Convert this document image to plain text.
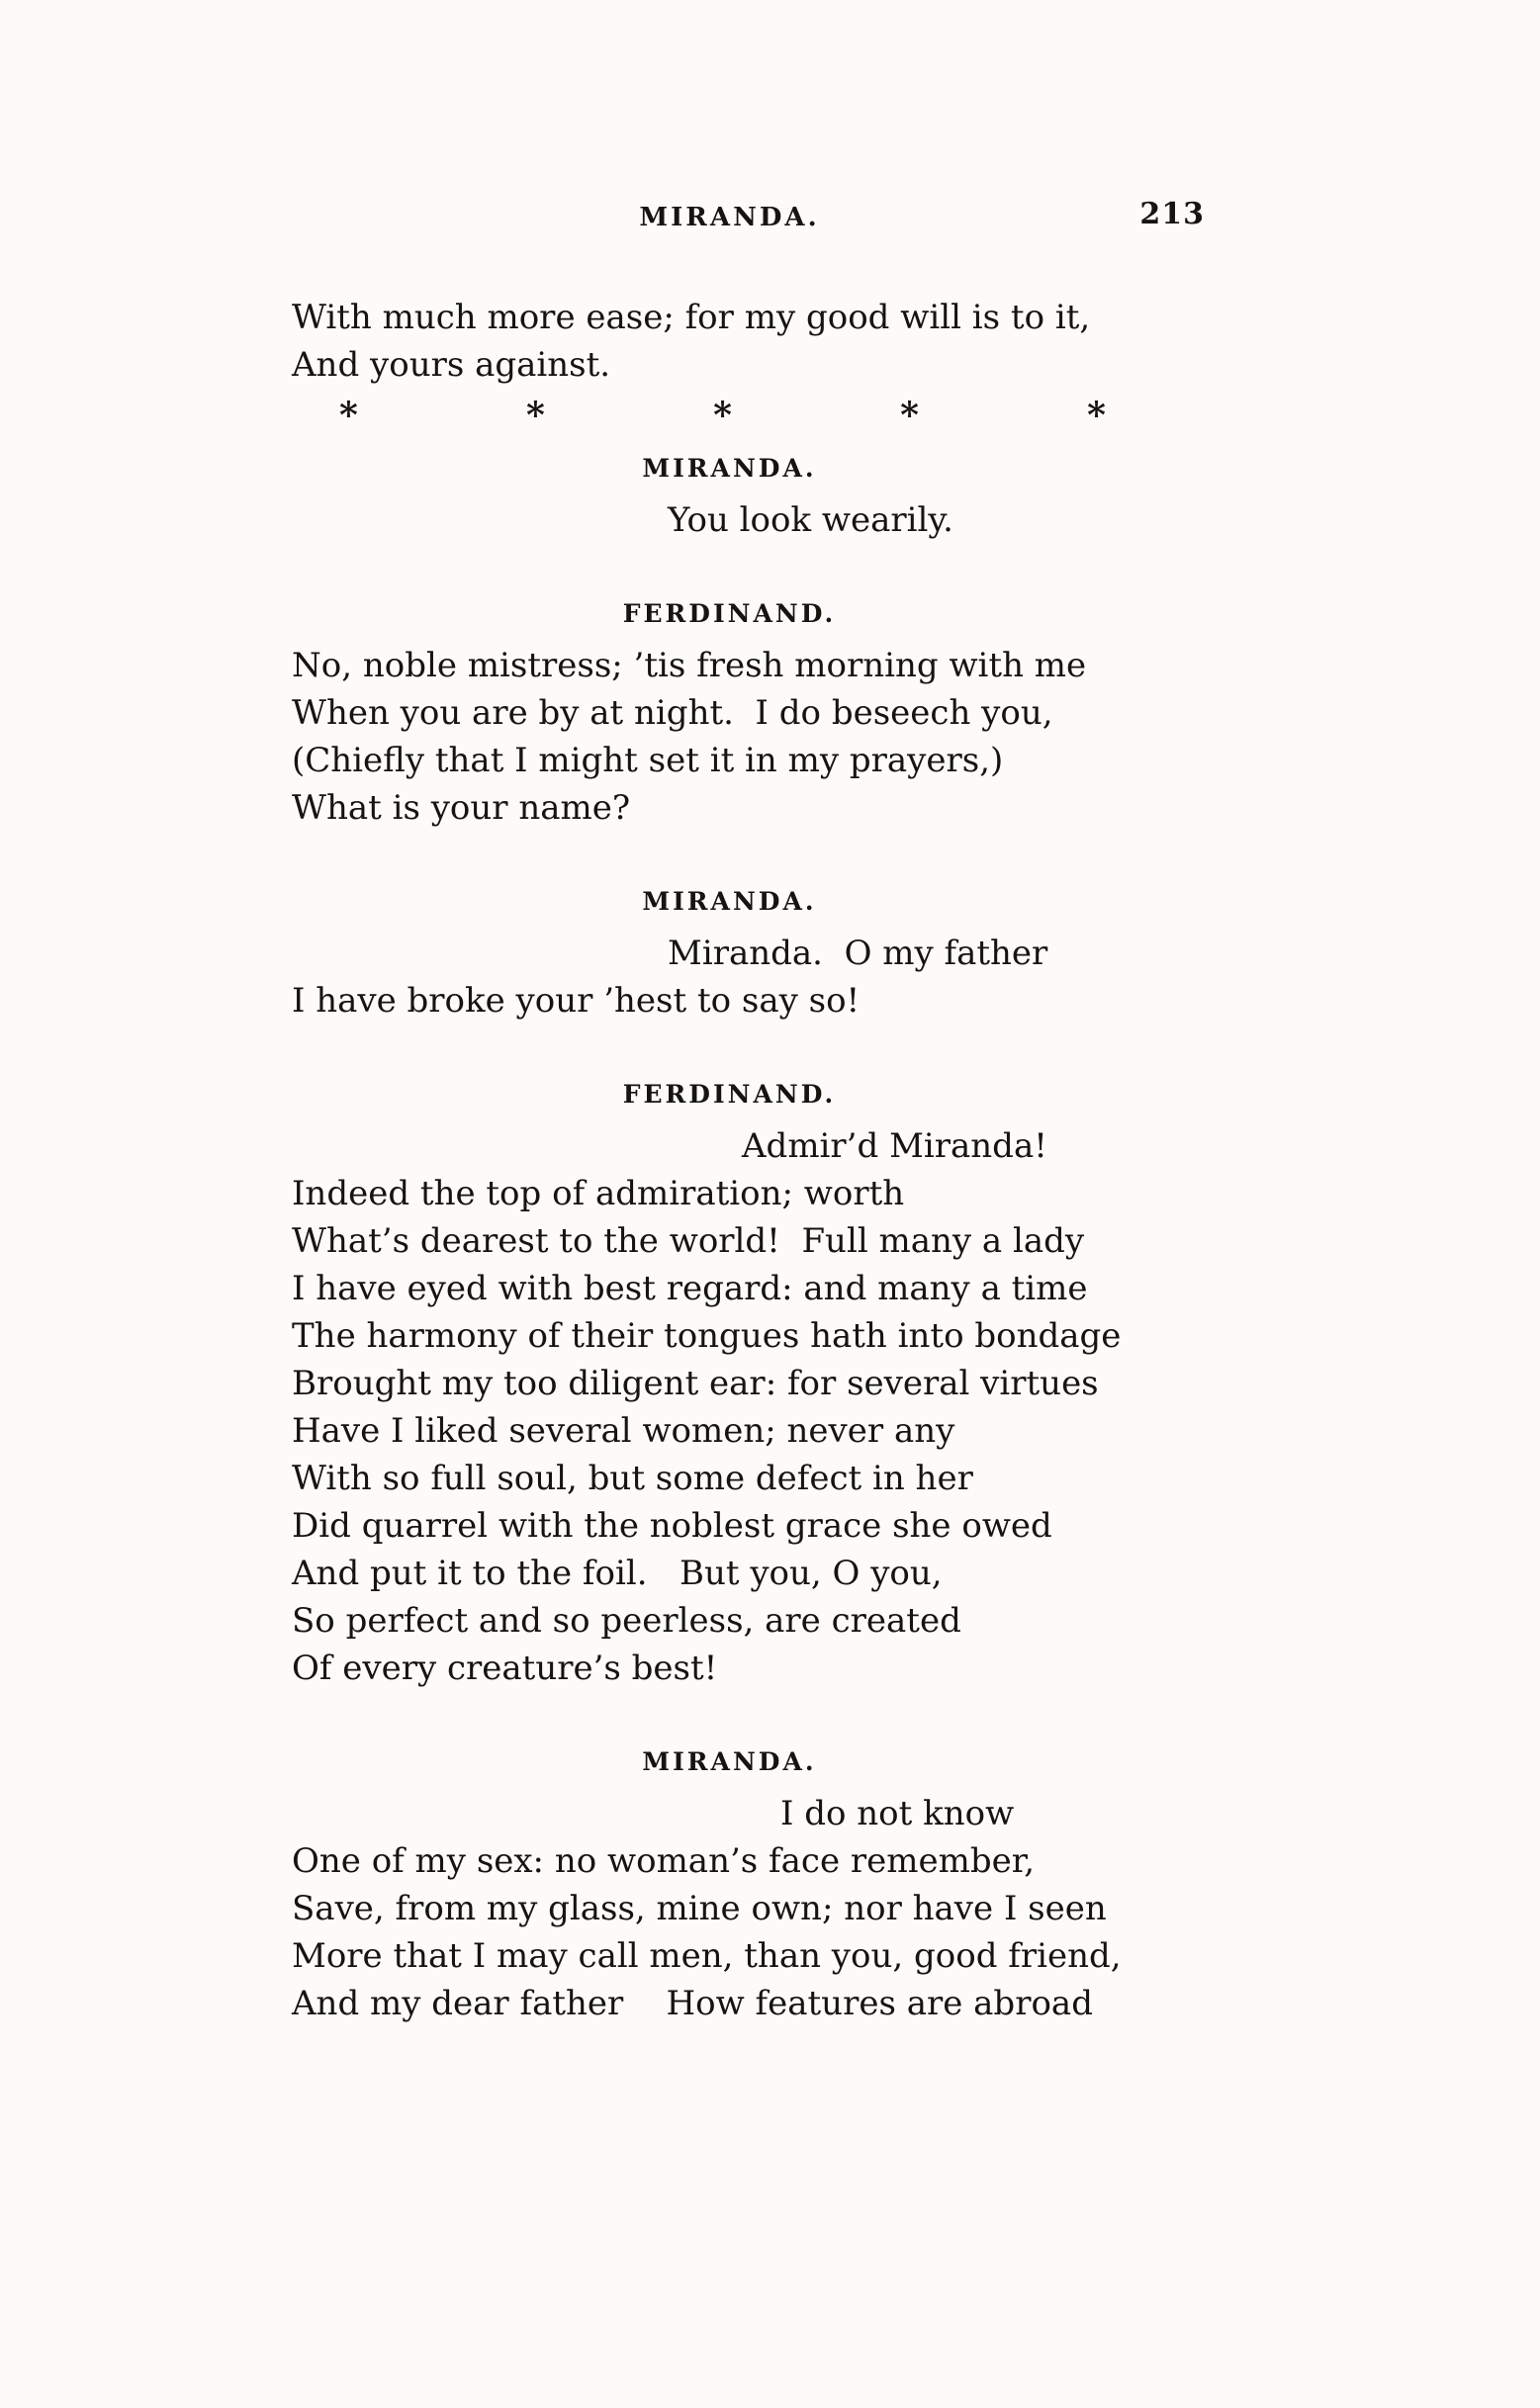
MIRANDA.	213
With much more ease; for my good will is to it,
And yours against.
*	*	*	*	*
MIRANDA.
You look wearily.
FERDINAND.
No, noble mistress; ’tis fresh morning with me
When you are by at night.  I do beseech you,
(Chiefly that I might set it in my prayers,)
What is your name?
MIRANDA.
Miranda.  O my father
I have broke your ’hest to say so!
FERDINAND.
Admir’d Miranda!
Indeed the top of admiration; worth
What’s dearest to the world!  Full many a lady
I have eyed with best regard: and many a time
The harmony of their tongues hath into bondage
Brought my too diligent ear: for several virtues
Have I liked several women; never any
With so full soul, but some defect in her
Did quarrel with the noblest grace she owed
And put it to the foil.   But you, O you,
So perfect and so peerless, are created
Of every creature’s best!
MIRANDA.
I do not know
One of my sex: no woman’s face remember,
Save, from my glass, mine own; nor have I seen
More that I may call men, than you, good friend,
And my dear father    How features are abroad
